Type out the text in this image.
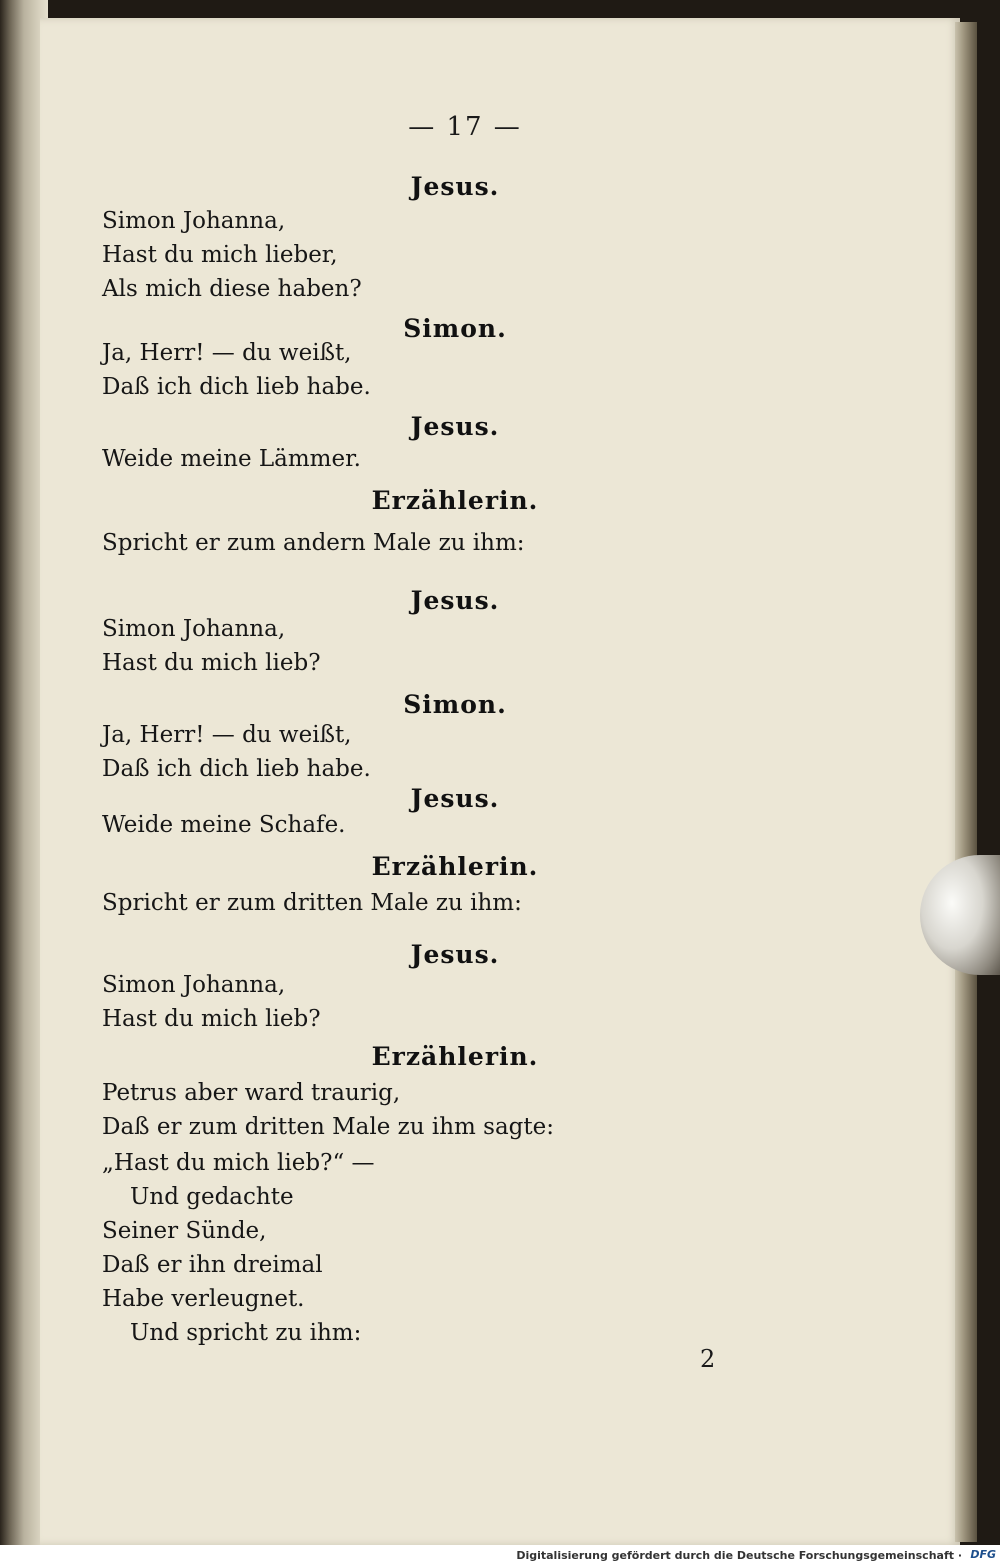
— 17 —
Jesus.
Simon Johanna,
Hast du mich lieber,
Als mich diese haben?
Simon.
Ja, Herr! — du weißt,
Daß ich dich lieb habe.
Jesus.
Weide meine Lämmer.
Erzählerin.
Spricht er zum andern Male zu ihm:
Jesus.
Simon Johanna,
Hast du mich lieb?
Simon.
Ja, Herr! — du weißt,
Daß ich dich lieb habe.
Jesus.
Weide meine Schafe.
Erzählerin.
Spricht er zum dritten Male zu ihm:
Jesus.
Simon Johanna,
Hast du mich lieb?
Erzählerin.
Petrus aber ward traurig,
Daß er zum dritten Male zu ihm sagte:
„Hast du mich lieb?“ —
Und gedachte
Seiner Sünde,
Daß er ihn dreimal
Habe verleugnet.
Und spricht zu ihm:
2
Digitalisierung gefördert durch die Deutsche Forschungsgemeinschaft · DFG
